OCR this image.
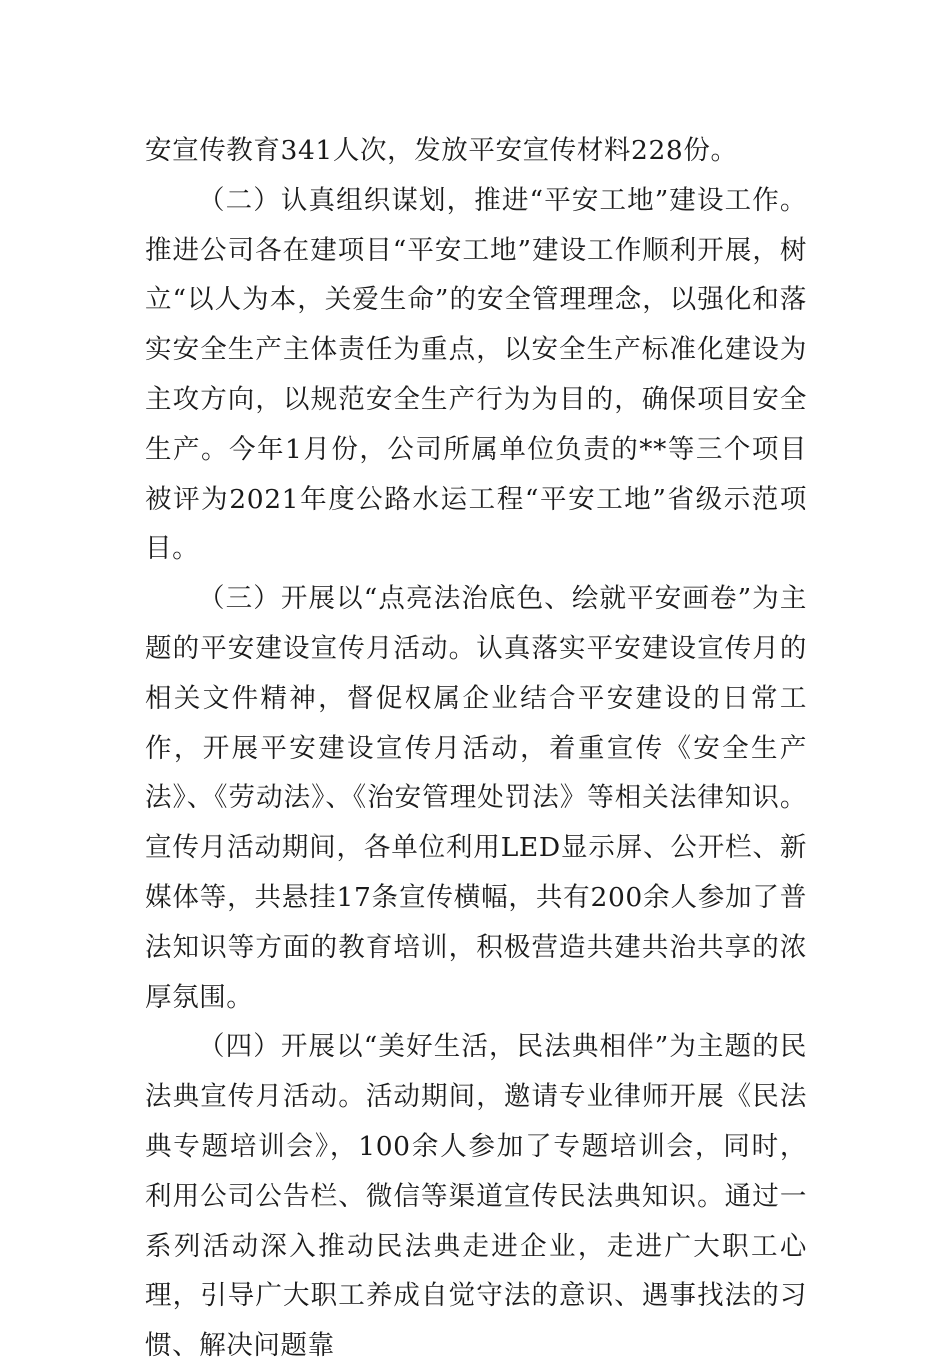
安宣传教育341人次，发放平安宣传材料228份。

（二）认真组织谋划，推进“平安工地”建设工作。推进公司各在建项目“平安工地”建设工作顺利开展，树立“以人为本，关爱生命”的安全管理理念，以强化和落实安全生产主体责任为重点，以安全生产标准化建设为主攻方向，以规范安全生产行为为目的，确保项目安全生产。今年1月份，公司所属单位负责的**等三个项目被评为2021年度公路水运工程“平安工地”省级示范项目。

（三）开展以“点亮法治底色、绘就平安画卷”为主题的平安建设宣传月活动。认真落实平安建设宣传月的相关文件精神，督促权属企业结合平安建设的日常工作，开展平安建设宣传月活动，着重宣传《安全生产法》、《劳动法》、《治安管理处罚法》等相关法律知识。宣传月活动期间，各单位利用LED显示屏、公开栏、新媒体等，共悬挂17条宣传横幅，共有200余人参加了普法知识等方面的教育培训，积极营造共建共治共享的浓厚氛围。

（四）开展以“美好生活，民法典相伴”为主题的民法典宣传月活动。活动期间，邀请专业律师开展《民法典专题培训会》，100余人参加了专题培训会，同时，利用公司公告栏、微信等渠道宣传民法典知识。通过一系列活动深入推动民法典走进企业，走进广大职工心理，引导广大职工养成自觉守法的意识、遇事找法的习惯、解决问题靠
